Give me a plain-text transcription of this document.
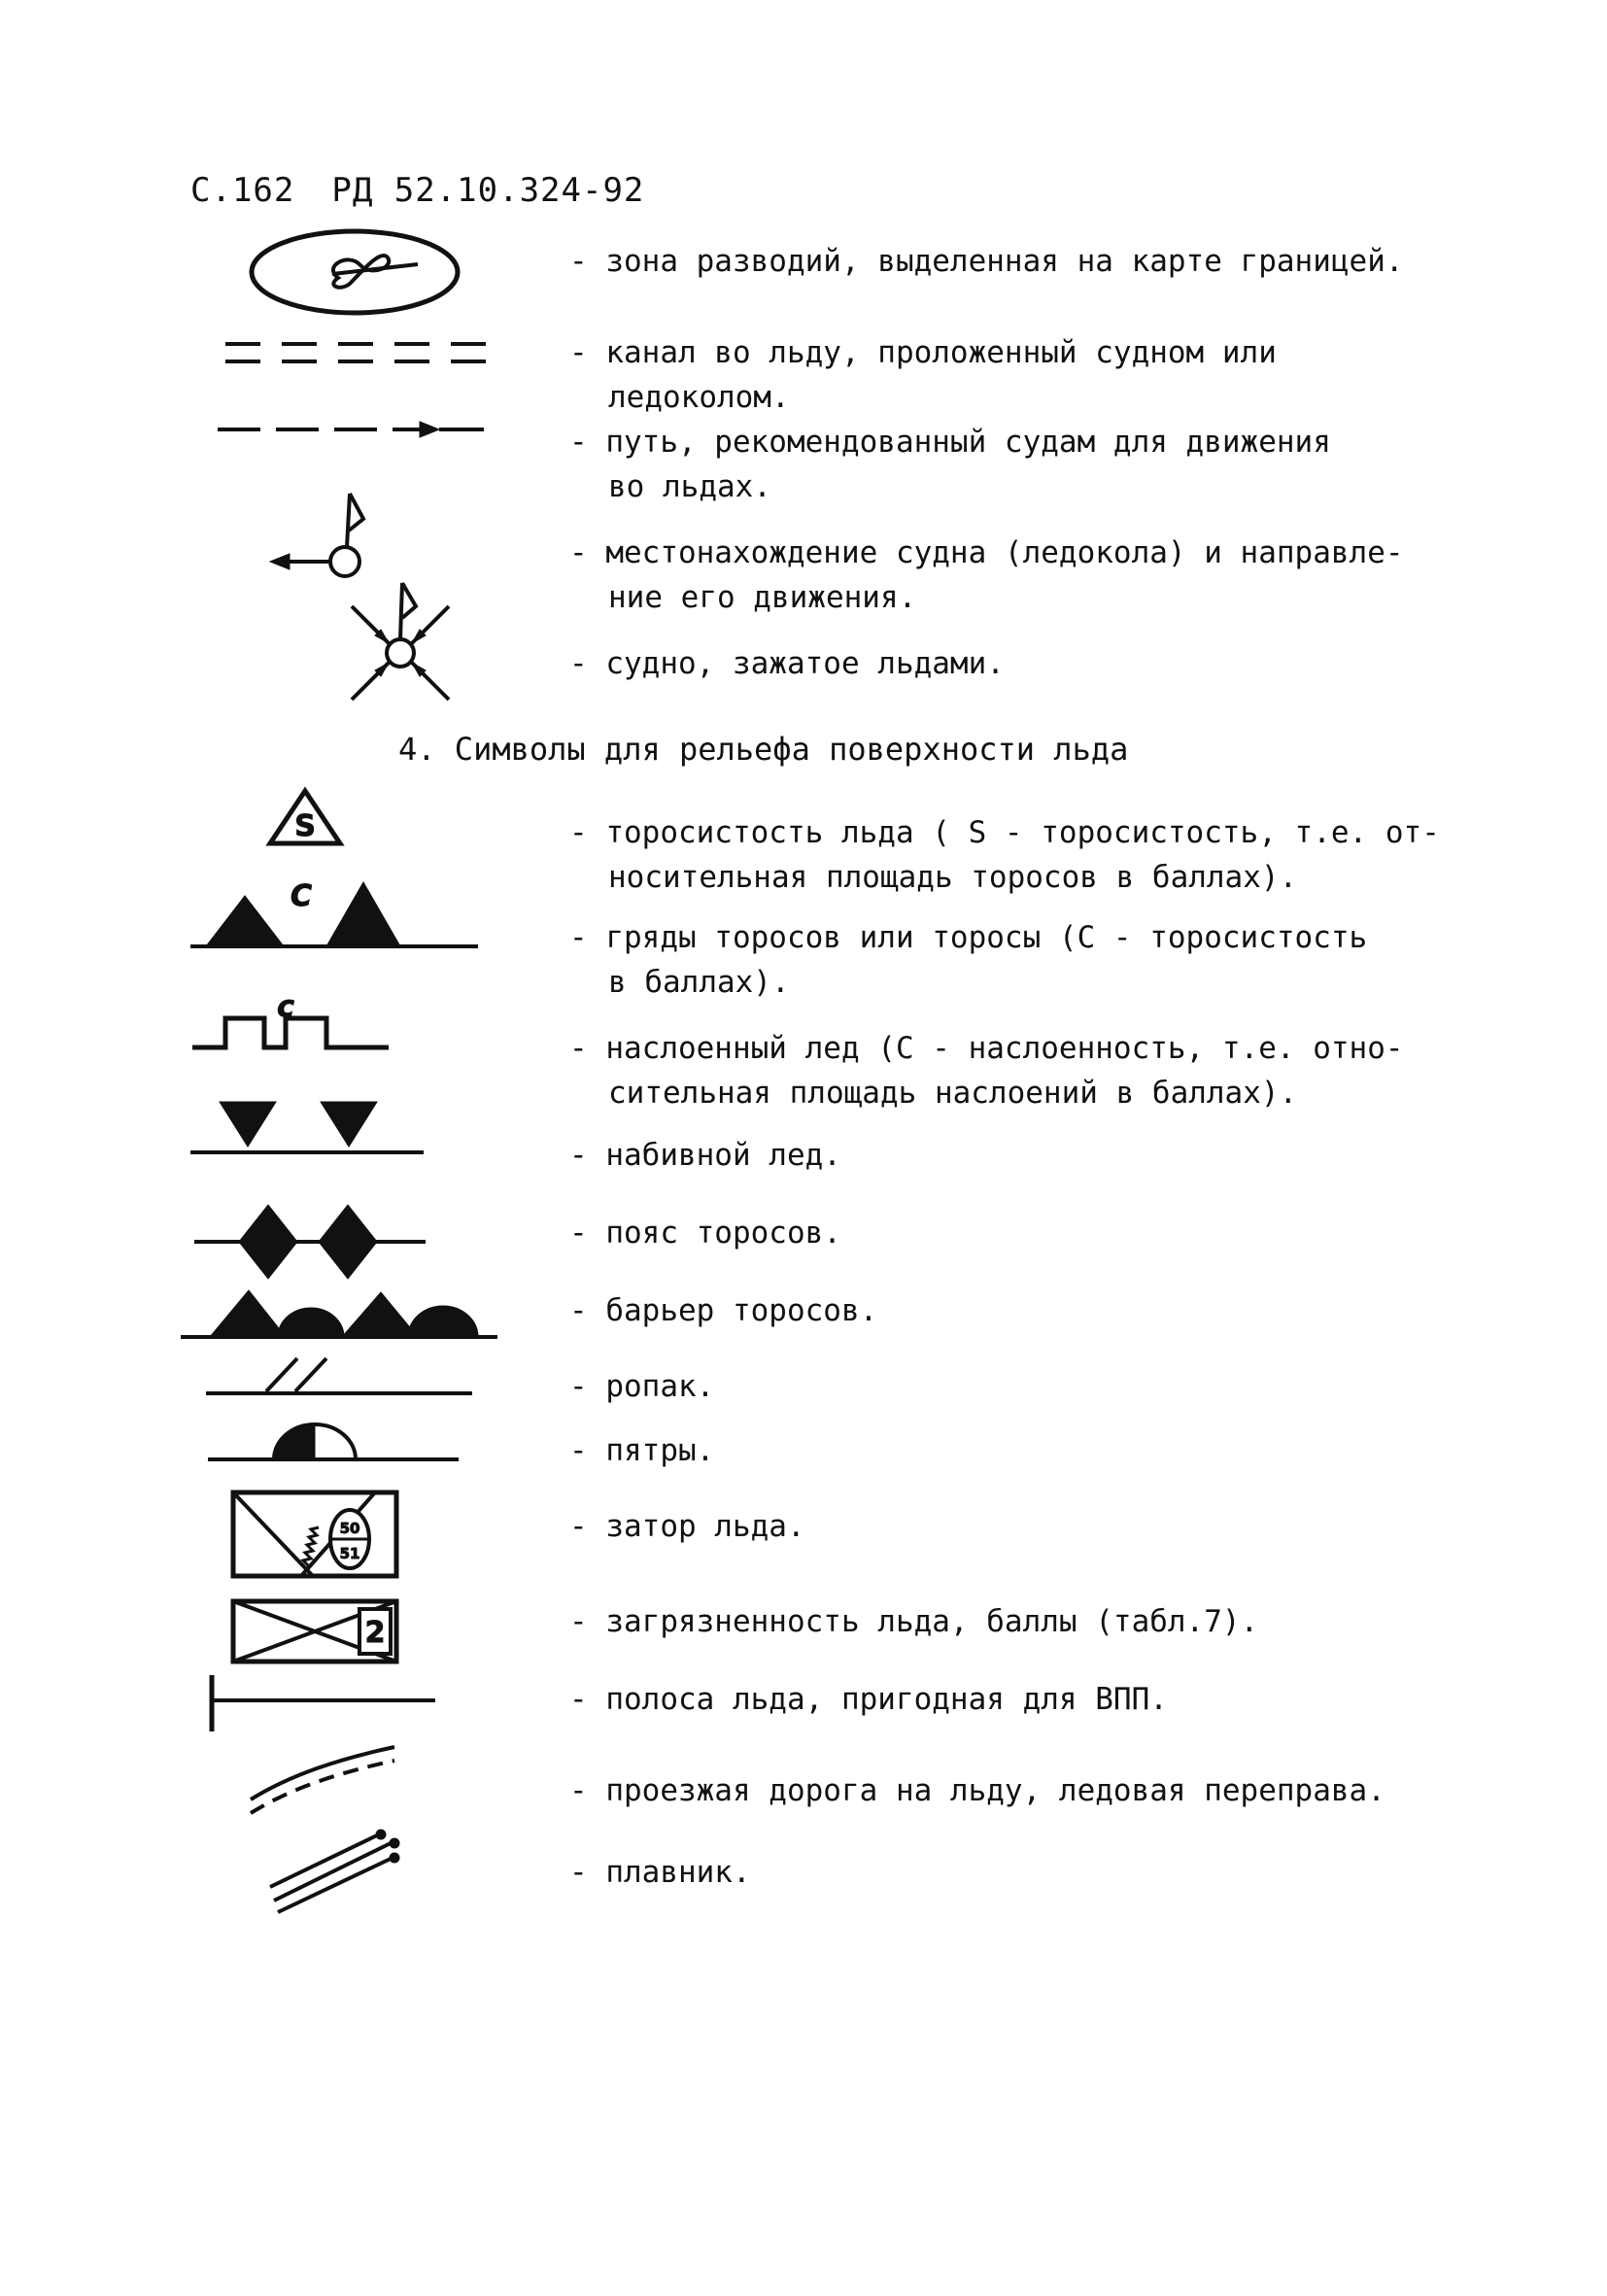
С.162 РД 52.10.324-92
4. Символы для рельефа поверхности льда
- зона разводий, выделенная на карте границей.
- канал во льду, проложенный судном или
ледоколом.
- путь, рекомендованный судам для движения
во льдах.
- местонахождение судна (ледокола) и направле-
ние его движения.
- судно, зажатое льдами.
- торосистость льда ( S - торосистость, т.е. от-
носительная площадь торосов в баллах).
- гряды торосов или торосы (С - торосистость
в баллах).
- наслоенный лед (С - наслоенность, т.е. отно-
сительная площадь наслоений в баллах).
- набивной лед.
- пояс торосов.
- барьер торосов.
- ропак.
- пятры.
- затор льда.
- загрязненность льда, баллы (табл.7).
- полоса льда, пригодная для ВПП.
- проезжая дорога на льду, ледовая переправа.
- плавник.
S
C
c
50
51
2
